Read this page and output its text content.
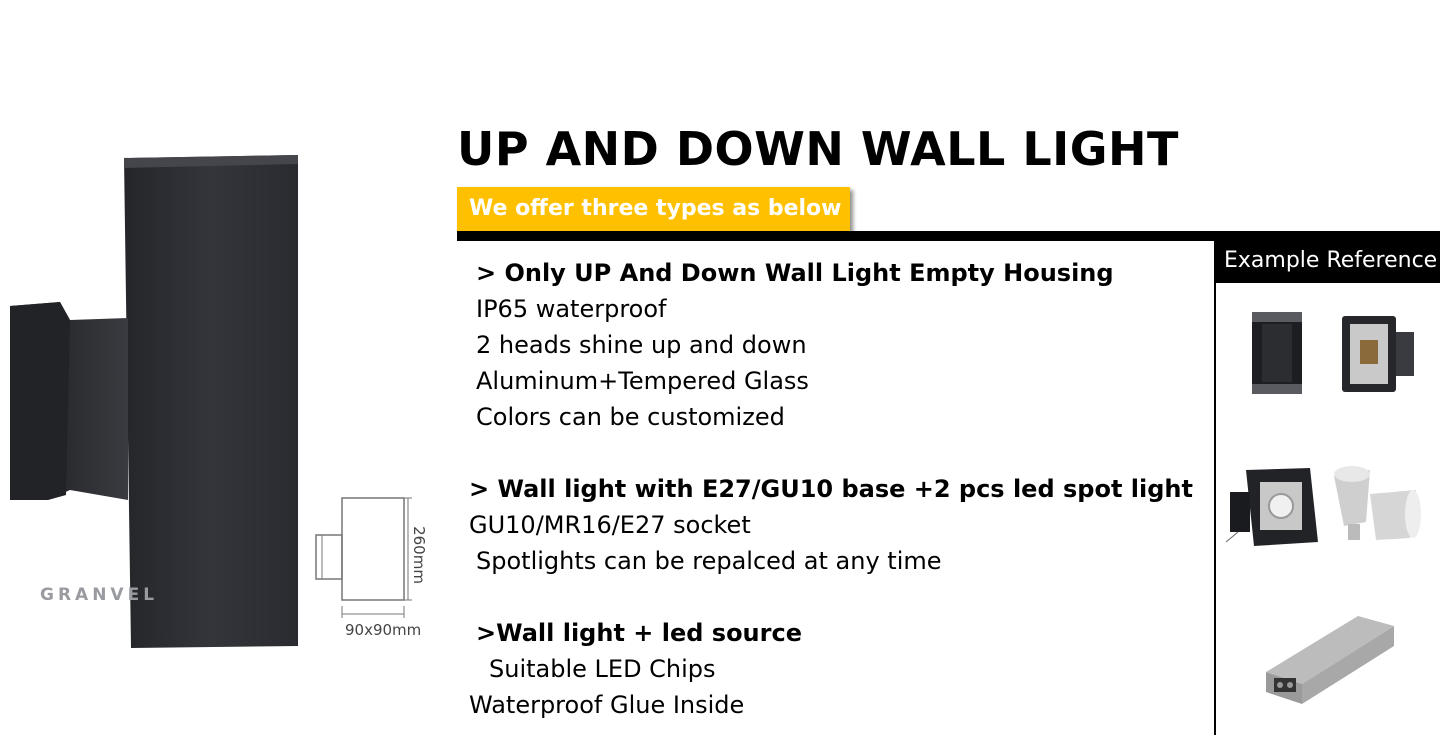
GRANVEL
260mm
90x90mm
UP AND DOWN WALL LIGHT
We offer three types as below
> Only UP And Down Wall Light Empty Housing
IP65 waterproof
2 heads shine up and down
Aluminum+Tempered Glass
Colors can be customized
> Wall light with E27/GU10 base +2 pcs led spot light
GU10/MR16/E27 socket
Spotlights can be repalced at any time
>Wall light + led source
Suitable LED Chips
Waterproof Glue Inside
Example Reference
